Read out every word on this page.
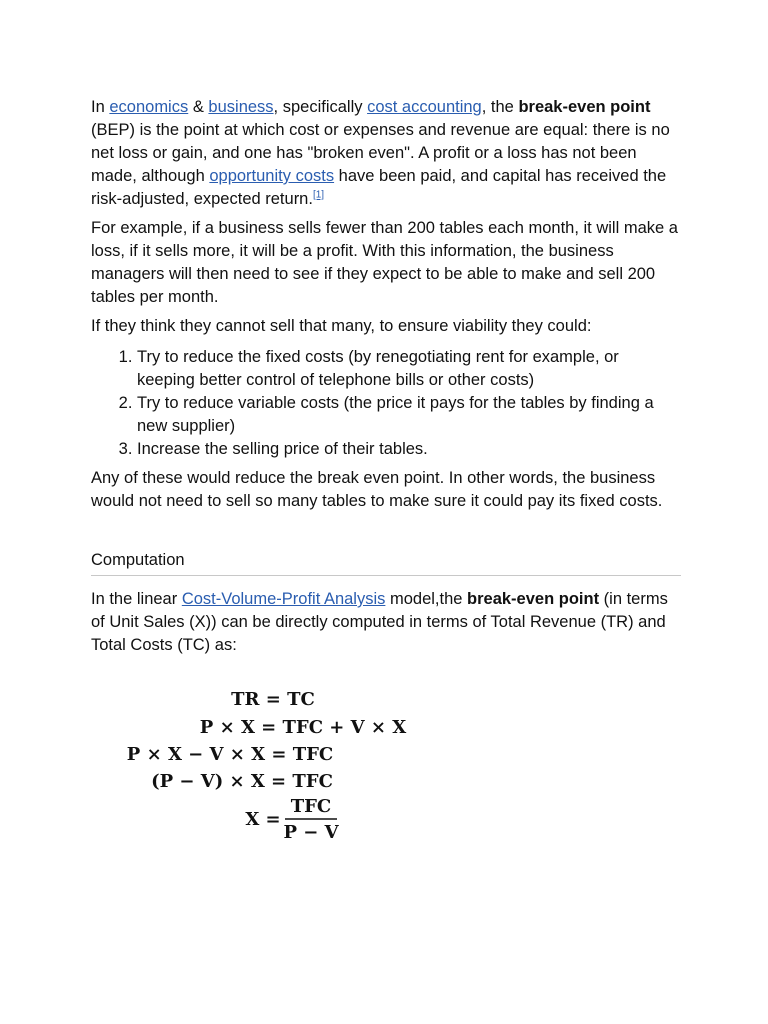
In economics & business, specifically cost accounting, the break-even point (BEP) is the point at which cost or expenses and revenue are equal: there is no net loss or gain, and one has "broken even". A profit or a loss has not been made, although opportunity costs have been paid, and capital has received the risk-adjusted, expected return.[1]

For example, if a business sells fewer than 200 tables each month, it will make a loss, if it sells more, it will be a profit. With this information, the business managers will then need to see if they expect to be able to make and sell 200 tables per month.

If they think they cannot sell that many, to ensure viability they could:

1. Try to reduce the fixed costs (by renegotiating rent for example, or keeping better control of telephone bills or other costs)
2. Try to reduce variable costs (the price it pays for the tables by finding a new supplier)
3. Increase the selling price of their tables.

Any of these would reduce the break even point. In other words, the business would not need to sell so many tables to make sure it could pay its fixed costs.

Computation

In the linear Cost-Volume-Profit Analysis model,the break-even point (in terms of Unit Sales (X)) can be directly computed in terms of Total Revenue (TR) and Total Costs (TC) as:

TR = TC
P × X = TFC + V × X
P × X − V × X = TFC
(P − V) × X = TFC
X =
TFC
P − V
